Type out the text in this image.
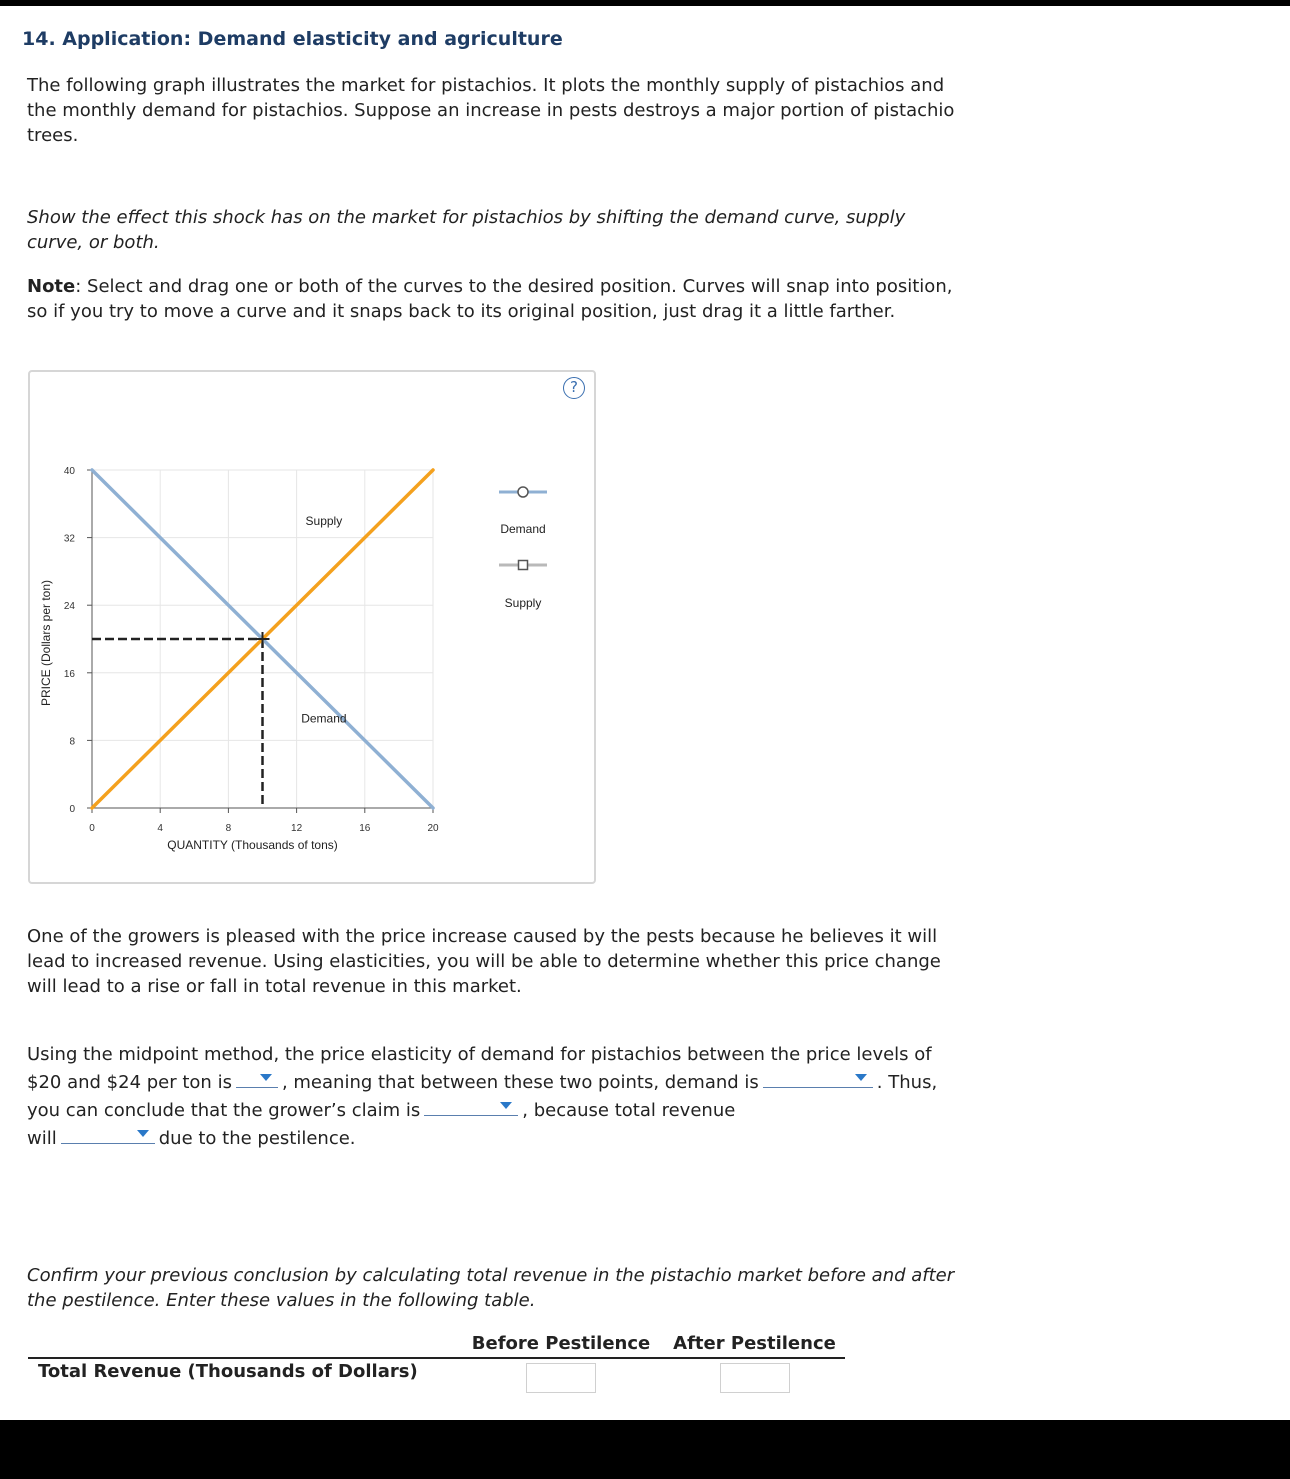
14. Application: Demand elasticity and agriculture

The following graph illustrates the market for pistachios. It plots the monthly supply of pistachios and the monthly demand for pistachios. Suppose an increase in pests destroys a major portion of pistachio trees.

Show the effect this shock has on the market for pistachios by shifting the demand curve, supply curve, or both.

Note: Select and drag one or both of the curves to the desired position. Curves will snap into position, so if you try to move a curve and it snaps back to its original position, just drag it a little farther.

?
0	4	8	12	16	20
0
8
16
24
32
40
QUANTITY (Thousands of tons)
PRICE (Dollars per ton)
Supply
Demand
Demand
Supply

One of the growers is pleased with the price increase caused by the pests because he believes it will lead to increased revenue. Using elasticities, you will be able to determine whether this price change will lead to a rise or fall in total revenue in this market.

Using the midpoint method, the price elasticity of demand for pistachios between the price levels of $20 and $24 per ton is	, meaning that between these two points, demand is	. Thus, you can conclude that the grower’s claim is	, because total revenue
will	due to the pestilence.

Confirm your previous conclusion by calculating total revenue in the pistachio market before and after the pestilence. Enter these values in the following table.

	Before Pestilence	After Pestilence
Total Revenue (Thousands of Dollars)	
